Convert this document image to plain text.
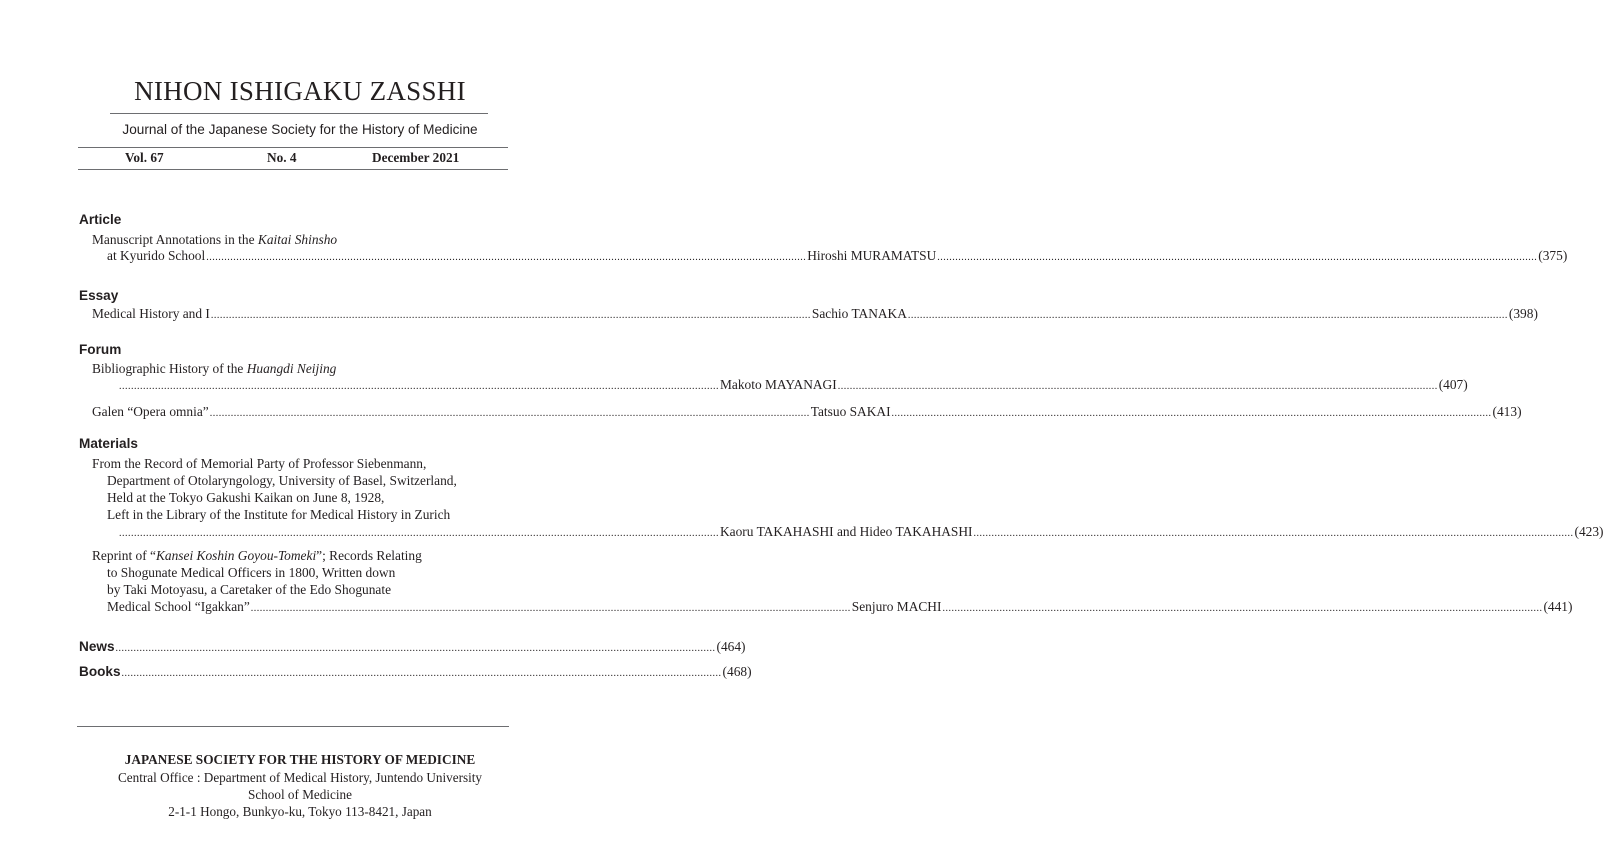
NIHON ISHIGAKU ZASSHI
Journal of the Japanese Society for the History of Medicine
Vol. 67	No. 4	December 2021
Article
Manuscript Annotations in the Kaitai Shinsho
at Kyurido School ........................................................................................................................................................................................................ Hiroshi MURAMATSU ........................................................................................................................................................................................................ (375)
Essay
Medical History and I ........................................................................................................................................................................................................ Sachio TANAKA ........................................................................................................................................................................................................ (398)
Forum
Bibliographic History of the Huangdi Neijing
........................................................................................................................................................................................................ Makoto MAYANAGI ........................................................................................................................................................................................................ (407)
Galen “Opera omnia” ........................................................................................................................................................................................................ Tatsuo SAKAI ........................................................................................................................................................................................................ (413)
Materials
From the Record of Memorial Party of Professor Siebenmann,
Department of Otolaryngology, University of Basel, Switzerland,
Held at the Tokyo Gakushi Kaikan on June 8, 1928,
Left in the Library of the Institute for Medical History in Zurich
........................................................................................................................................................................................................ Kaoru TAKAHASHI and Hideo TAKAHASHI ........................................................................................................................................................................................................ (423)
Reprint of “Kansei Koshin Goyou-Tomeki”; Records Relating
to Shogunate Medical Officers in 1800, Written down
by Taki Motoyasu, a Caretaker of the Edo Shogunate
Medical School “Igakkan” ........................................................................................................................................................................................................ Senjuro MACHI ........................................................................................................................................................................................................ (441)
News ........................................................................................................................................................................................................ (464)
Books ........................................................................................................................................................................................................ (468)
JAPANESE SOCIETY FOR THE HISTORY OF MEDICINE
Central Office : Department of Medical History, Juntendo University
School of Medicine
2-1-1 Hongo, Bunkyo-ku, Tokyo 113-8421, Japan
